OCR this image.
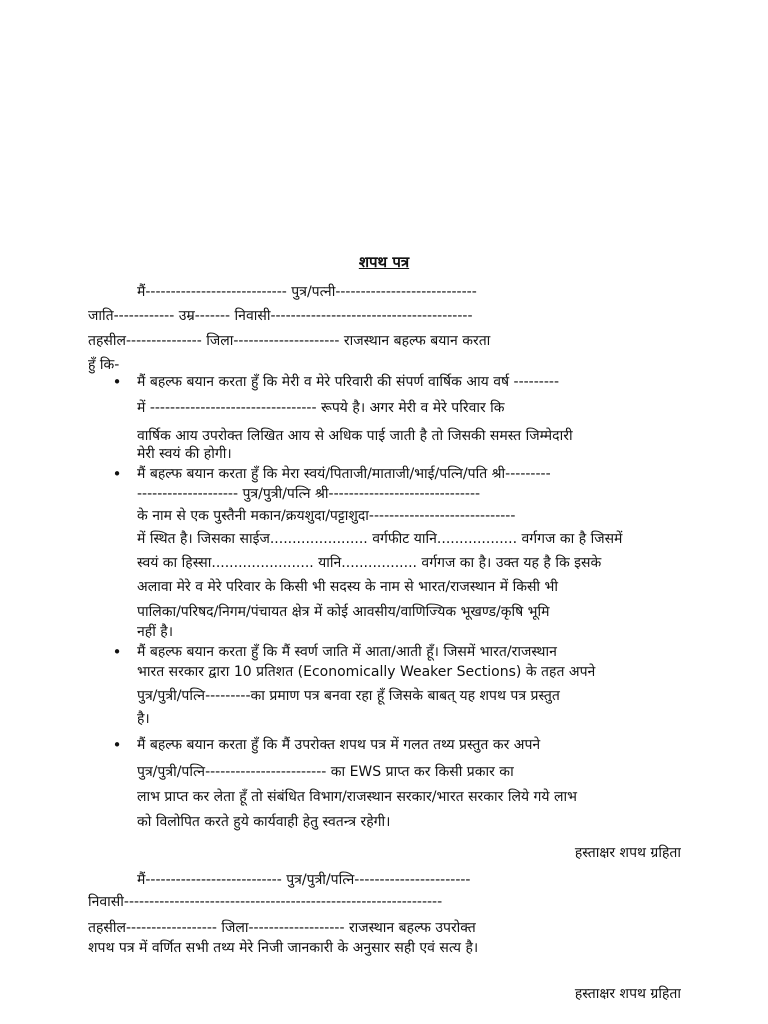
शपथ पत्र

मैं---------------------------- पुत्र/पत्नी----------------------------

जाति------------ उम्र------- निवासी----------------------------------------

तहसील--------------- जिला--------------------- राजस्थान बहल्फ बयान करता

हुँ कि-

• मैं बहल्फ बयान करता हुँ कि मेरी व मेरे परिवारी की संपर्ण वार्षिक आय वर्ष ---------

में --------------------------------- रूपये है। अगर मेरी व मेरे परिवार कि

वार्षिक आय उपरोक्त लिखित आय से अधिक पाई जाती है तो जिसकी समस्त जिम्मेदारी

मेरी स्वयं की होगी।

• मैं बहल्फ बयान करता हुँ कि मेरा स्वयं/पिताजी/माताजी/भाई/पत्नि/पति श्री---------

-------------------- पुत्र/पुत्री/पत्नि श्री------------------------------

के नाम से एक पुस्तैनी मकान/क्रयशुदा/पट्टाशुदा-----------------------------

में स्थित है। जिसका साईज...................... वर्गफीट यानि.................. वर्गगज का है जिसमें

स्वयं का हिस्सा....................... यानि................. वर्गगज का है। उक्त यह है कि इसके

अलावा मेरे व मेरे परिवार के किसी भी सदस्य के नाम से भारत/राजस्थान में किसी भी

पालिका/परिषद/निगम/पंचायत क्षेत्र में कोई आवसीय/वाणिज्यिक भूखण्ड/कृषि भूमि

नहीं है।

• मैं बहल्फ बयान करता हुँ कि मैं स्वर्ण जाति में आता/आती हूँ। जिसमें भारत/राजस्थान

भारत सरकार द्वारा 10 प्रतिशत (Economically Weaker Sections) के तहत अपने

पुत्र/पुत्री/पत्नि---------का प्रमाण पत्र बनवा रहा हूँ जिसके बाबत् यह शपथ पत्र प्रस्तुत

है।

• मैं बहल्फ बयान करता हुँ कि मैं उपरोक्त शपथ पत्र में गलत तथ्य प्रस्तुत कर अपने

पुत्र/पुत्री/पत्नि------------------------ का EWS प्राप्त कर किसी प्रकार का

लाभ प्राप्त कर लेता हूँ तो संबंधित विभाग/राजस्थान सरकार/भारत सरकार लिये गये लाभ

को विलोपित करते हुये कार्यवाही हेतु स्वतन्त्र रहेगी।

हस्ताक्षर शपथ ग्रहिता

मैं--------------------------- पुत्र/पुत्री/पत्नि-----------------------

निवासी---------------------------------------------------------------

तहसील------------------ जिला------------------- राजस्थान बहल्फ उपरोक्त

शपथ पत्र में वर्णित सभी तथ्य मेरे निजी जानकारी के अनुसार सही एवं सत्य है।

हस्ताक्षर शपथ ग्रहिता
